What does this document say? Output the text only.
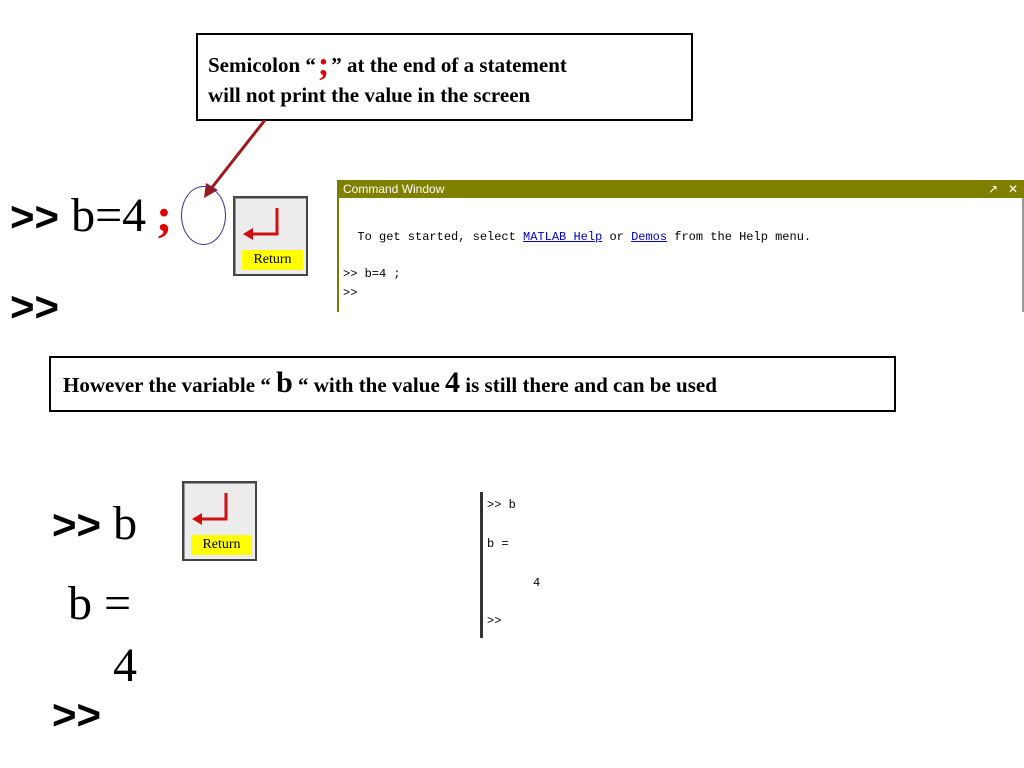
Semicolon “;” at the end of a statement
will not print the value in the screen
>> b=4 ;
>>
Return
Command Window	↗ ✕
To get started, select MATLAB Help or Demos from the Help menu.
>> b=4 ;
>>
However the variable “ b “ with the value 4 is still there and can be used
>> b
b =
4
>>
Return
>> b
b =
4
>>
